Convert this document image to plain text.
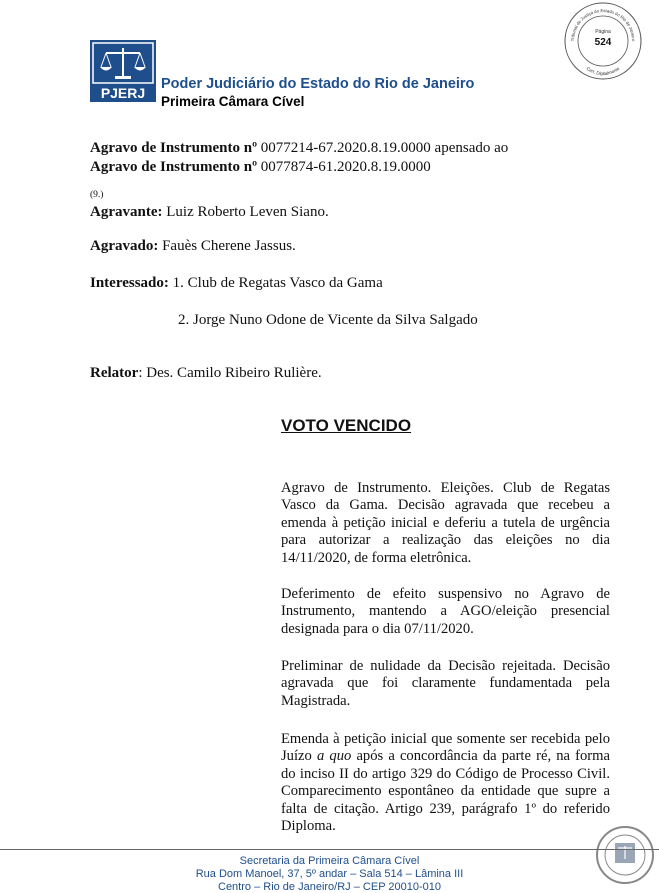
PJERJ
Poder Judiciário do Estado do Rio de Janeiro
Primeira Câmara Cível
Tribunal de Justiça do Estado do Rio de Janeiro
Cert. Digitalmente
Página
524
Agravo de Instrumento nº 0077214-67.2020.8.19.0000 apensado ao
Agravo de Instrumento nº 0077874-61.2020.8.19.0000
(9.)
Agravante: Luiz Roberto Leven Siano.
Agravado: Fauès Cherene Jassus.
Interessado: 1. Club de Regatas Vasco da Gama
2. Jorge Nuno Odone de Vicente da Silva Salgado
Relator: Des. Camilo Ribeiro Rulière.
VOTO VENCIDO
Agravo de Instrumento. Eleições. Club de Regatas Vasco da Gama. Decisão agravada que recebeu a emenda à petição inicial e deferiu a tutela de urgência para autorizar a realização das eleições no dia 14/11/2020, de forma eletrônica.
Deferimento de efeito suspensivo no Agravo de Instrumento, mantendo a AGO/eleição presencial designada para o dia 07/11/2020.
Preliminar de nulidade da Decisão rejeitada. Decisão agravada que foi claramente fundamentada pela Magistrada.
Emenda à petição inicial que somente ser recebida pelo Juízo a quo após a concordância da parte ré, na forma do inciso II do artigo 329 do Código de Processo Civil. Comparecimento espontâneo da entidade que supre a falta de citação. Artigo 239, parágrafo 1º do referido Diploma.
Secretaria da Primeira Câmara Cível
Rua Dom Manoel, 37, 5º andar – Sala 514 – Lâmina III
Centro – Rio de Janeiro/RJ – CEP 20010-010
